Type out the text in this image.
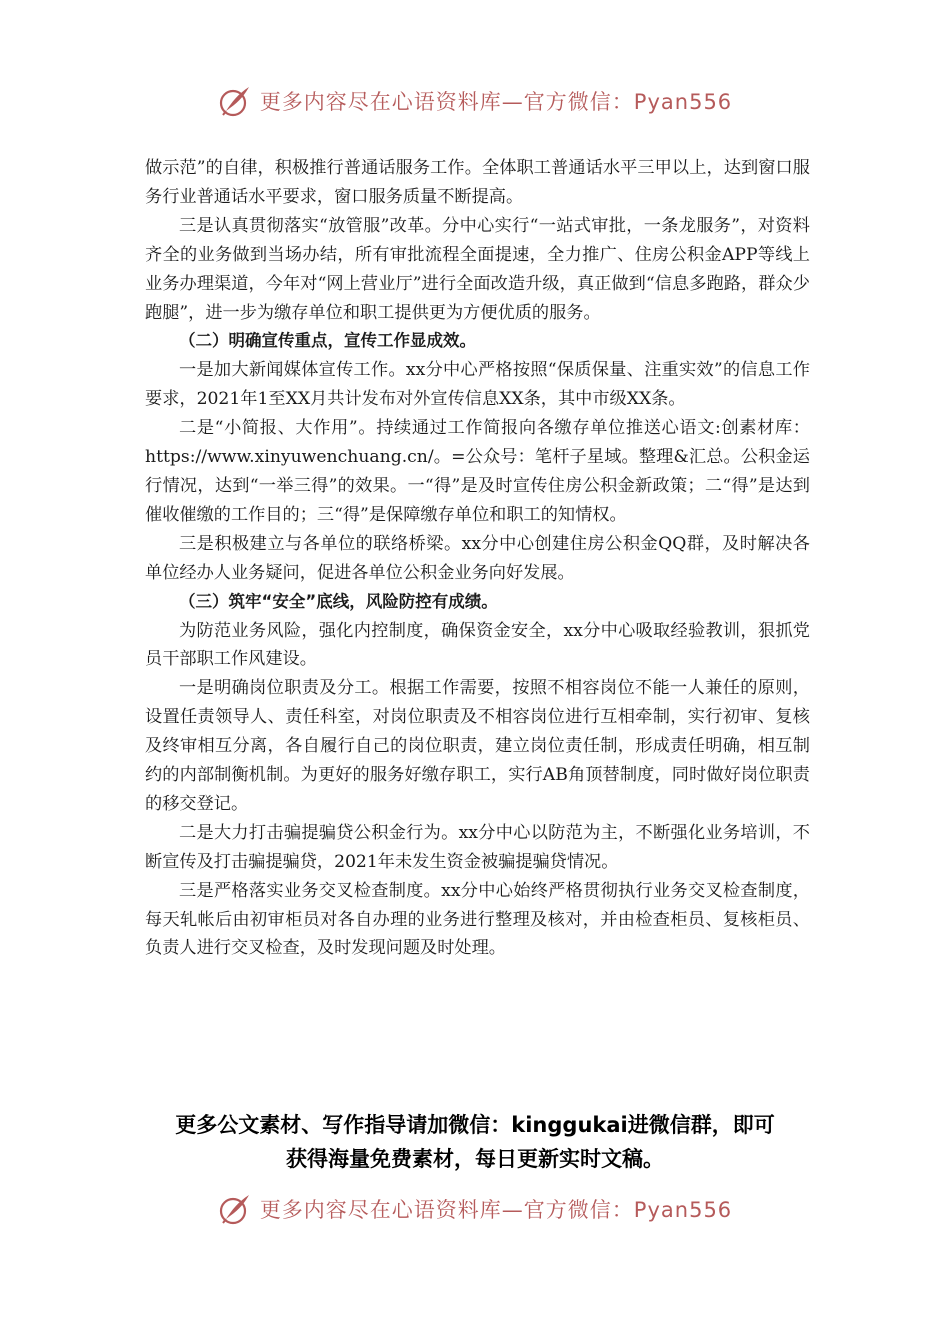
更多内容尽在心语资料库—官方微信：Pyan556

做示范”的自律，积极推行普通话服务工作。全体职工普通话水平三甲以上，达到窗口服务行业普通话水平要求，窗口服务质量不断提高。

三是认真贯彻落实“放管服”改革。分中心实行“一站式审批，一条龙服务”，对资料齐全的业务做到当场办结，所有审批流程全面提速，全力推广、住房公积金APP等线上业务办理渠道，今年对“网上营业厅”进行全面改造升级，真正做到“信息多跑路，群众少跑腿”，进一步为缴存单位和职工提供更为方便优质的服务。

（二）明确宣传重点，宣传工作显成效。

一是加大新闻媒体宣传工作。xx分中心严格按照“保质保量、注重实效”的信息工作要求，2021年1至XX月共计发布对外宣传信息XX条，其中市级XX条。

二是“小简报、大作用”。持续通过工作简报向各缴存单位推送心语文:创素材库：https://www.xinyuwenchuang.cn/。=公众号：笔杆子星域。整理&汇总。公积金运行情况，达到“一举三得”的效果。一“得”是及时宣传住房公积金新政策；二“得”是达到催收催缴的工作目的；三“得”是保障缴存单位和职工的知情权。

三是积极建立与各单位的联络桥梁。xx分中心创建住房公积金QQ群，及时解决各单位经办人业务疑问，促进各单位公积金业务向好发展。

（三）筑牢“安全”底线，风险防控有成绩。

为防范业务风险，强化内控制度，确保资金安全，xx分中心吸取经验教训，狠抓党员干部职工作风建设。

一是明确岗位职责及分工。根据工作需要，按照不相容岗位不能一人兼任的原则，设置任责领导人、责任科室，对岗位职责及不相容岗位进行互相牵制，实行初审、复核及终审相互分离，各自履行自己的岗位职责，建立岗位责任制，形成责任明确，相互制约的内部制衡机制。为更好的服务好缴存职工，实行AB角顶替制度，同时做好岗位职责的移交登记。

二是大力打击骗提骗贷公积金行为。xx分中心以防范为主，不断强化业务培训，不断宣传及打击骗提骗贷，2021年未发生资金被骗提骗贷情况。

三是严格落实业务交叉检查制度。xx分中心始终严格贯彻执行业务交叉检查制度，每天轧帐后由初审柜员对各自办理的业务进行整理及核对，并由检查柜员、复核柜员、负责人进行交叉检查，及时发现问题及时处理。

更多公文素材、写作指导请加微信：kinggukai进微信群，即可
获得海量免费素材，每日更新实时文稿。
更多内容尽在心语资料库—官方微信：Pyan556
